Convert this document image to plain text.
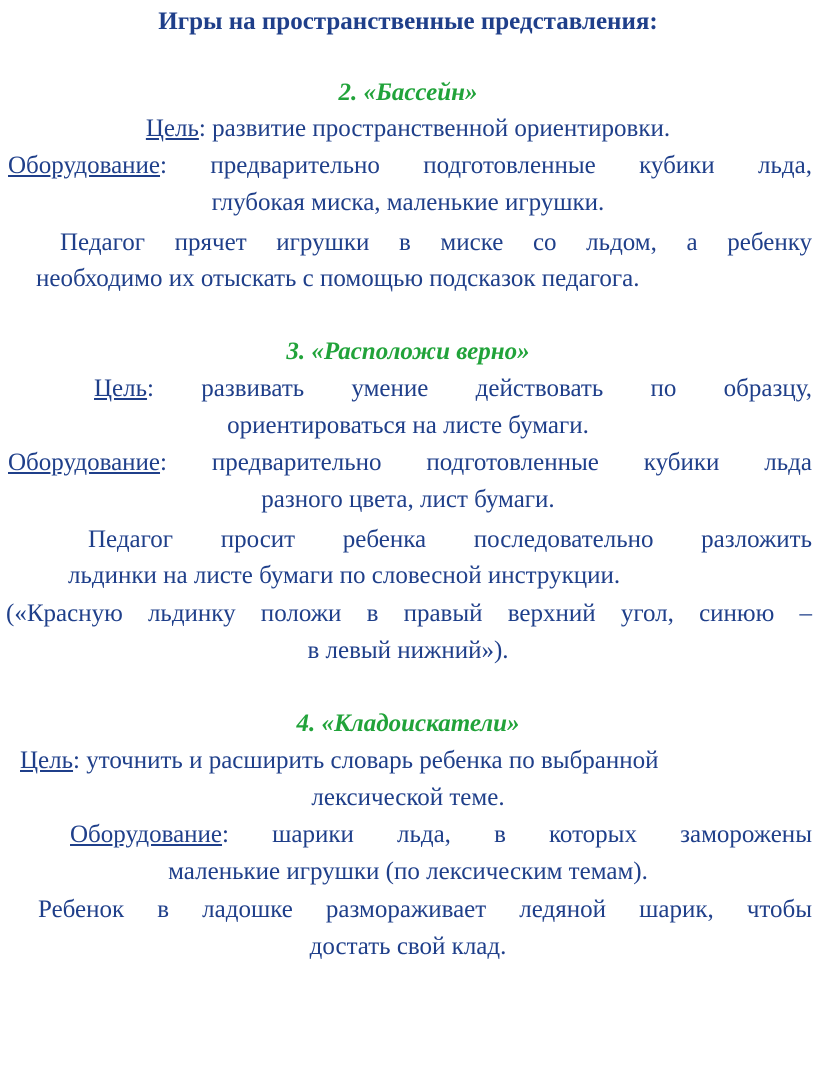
Игры на пространственные представления:
2. «Бассейн»
Цель: развитие пространственной ориентировки.
Оборудование: предварительно подготовленные кубики льда,
глубокая миска, маленькие игрушки.
Педагог прячет игрушки в миске со льдом, а ребенку
необходимо их отыскать с помощью подсказок педагога.
3. «Расположи верно»
Цель: развивать умение действовать по образцу,
ориентироваться на листе бумаги.
Оборудование: предварительно подготовленные кубики льда
разного цвета, лист бумаги.
Педагог просит ребенка последовательно разложить
льдинки на листе бумаги по словесной инструкции.
(«Красную льдинку положи в правый верхний угол, синюю –
в левый нижний»).
4. «Кладоискатели»
Цель: уточнить и расширить словарь ребенка по выбранной
лексической теме.
Оборудование: шарики льда, в которых заморожены
маленькие игрушки (по лексическим темам).
Ребенок в ладошке размораживает ледяной шарик, чтобы
достать свой клад.
